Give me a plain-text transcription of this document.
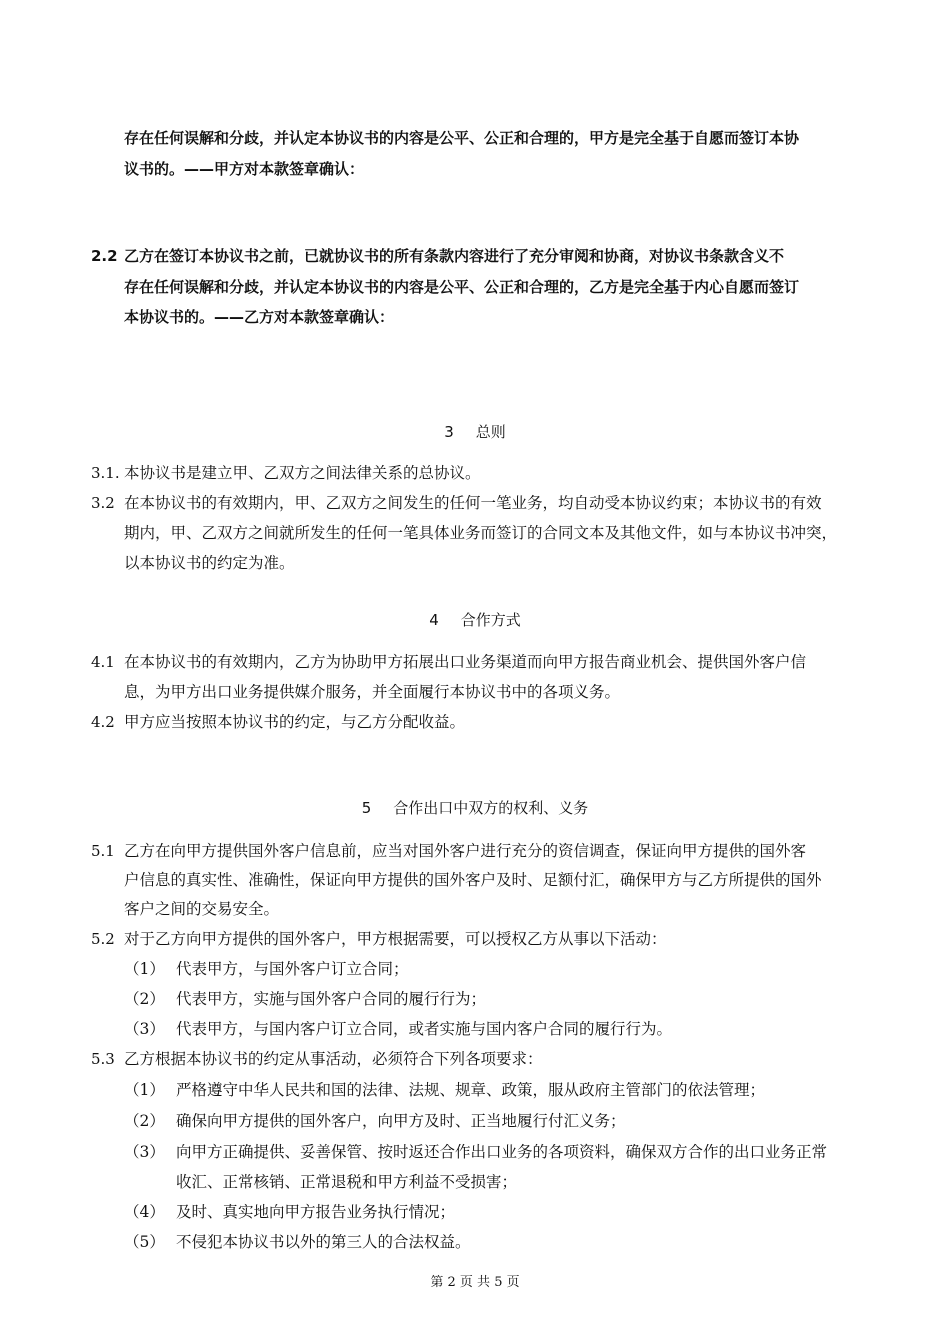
存在任何误解和分歧，并认定本协议书的内容是公平、公正和合理的，甲方是完全基于自愿而签订本协
议书的。——甲方对本款签章确认：
2.2 乙方在签订本协议书之前，已就协议书的所有条款内容进行了充分审阅和协商，对协议书条款含义不
存在任何误解和分歧，并认定本协议书的内容是公平、公正和合理的，乙方是完全基于内心自愿而签订
本协议书的。——乙方对本款签章确认：
3 总则
3.1. 本协议书是建立甲、乙双方之间法律关系的总协议。
3.2 在本协议书的有效期内，甲、乙双方之间发生的任何一笔业务，均自动受本协议约束；本协议书的有效
期内，甲、乙双方之间就所发生的任何一笔具体业务而签订的合同文本及其他文件，如与本协议书冲突，
以本协议书的约定为准。
4 合作方式
4.1 在本协议书的有效期内，乙方为协助甲方拓展出口业务渠道而向甲方报告商业机会、提供国外客户信
息，为甲方出口业务提供媒介服务，并全面履行本协议书中的各项义务。
4.2 甲方应当按照本协议书的约定，与乙方分配收益。
5 合作出口中双方的权利、义务
5.1 乙方在向甲方提供国外客户信息前，应当对国外客户进行充分的资信调查，保证向甲方提供的国外客
户信息的真实性、准确性，保证向甲方提供的国外客户及时、足额付汇，确保甲方与乙方所提供的国外
客户之间的交易安全。
5.2 对于乙方向甲方提供的国外客户，甲方根据需要，可以授权乙方从事以下活动：
（1） 代表甲方，与国外客户订立合同；
（2） 代表甲方，实施与国外客户合同的履行行为；
（3） 代表甲方，与国内客户订立合同，或者实施与国内客户合同的履行行为。
5.3 乙方根据本协议书的约定从事活动，必须符合下列各项要求：
（1） 严格遵守中华人民共和国的法律、法规、规章、政策，服从政府主管部门的依法管理；
（2） 确保向甲方提供的国外客户，向甲方及时、正当地履行付汇义务；
（3） 向甲方正确提供、妥善保管、按时返还合作出口业务的各项资料，确保双方合作的出口业务正常
收汇、正常核销、正常退税和甲方利益不受损害；
（4） 及时、真实地向甲方报告业务执行情况；
（5） 不侵犯本协议书以外的第三人的合法权益。
第 2 页 共 5 页
